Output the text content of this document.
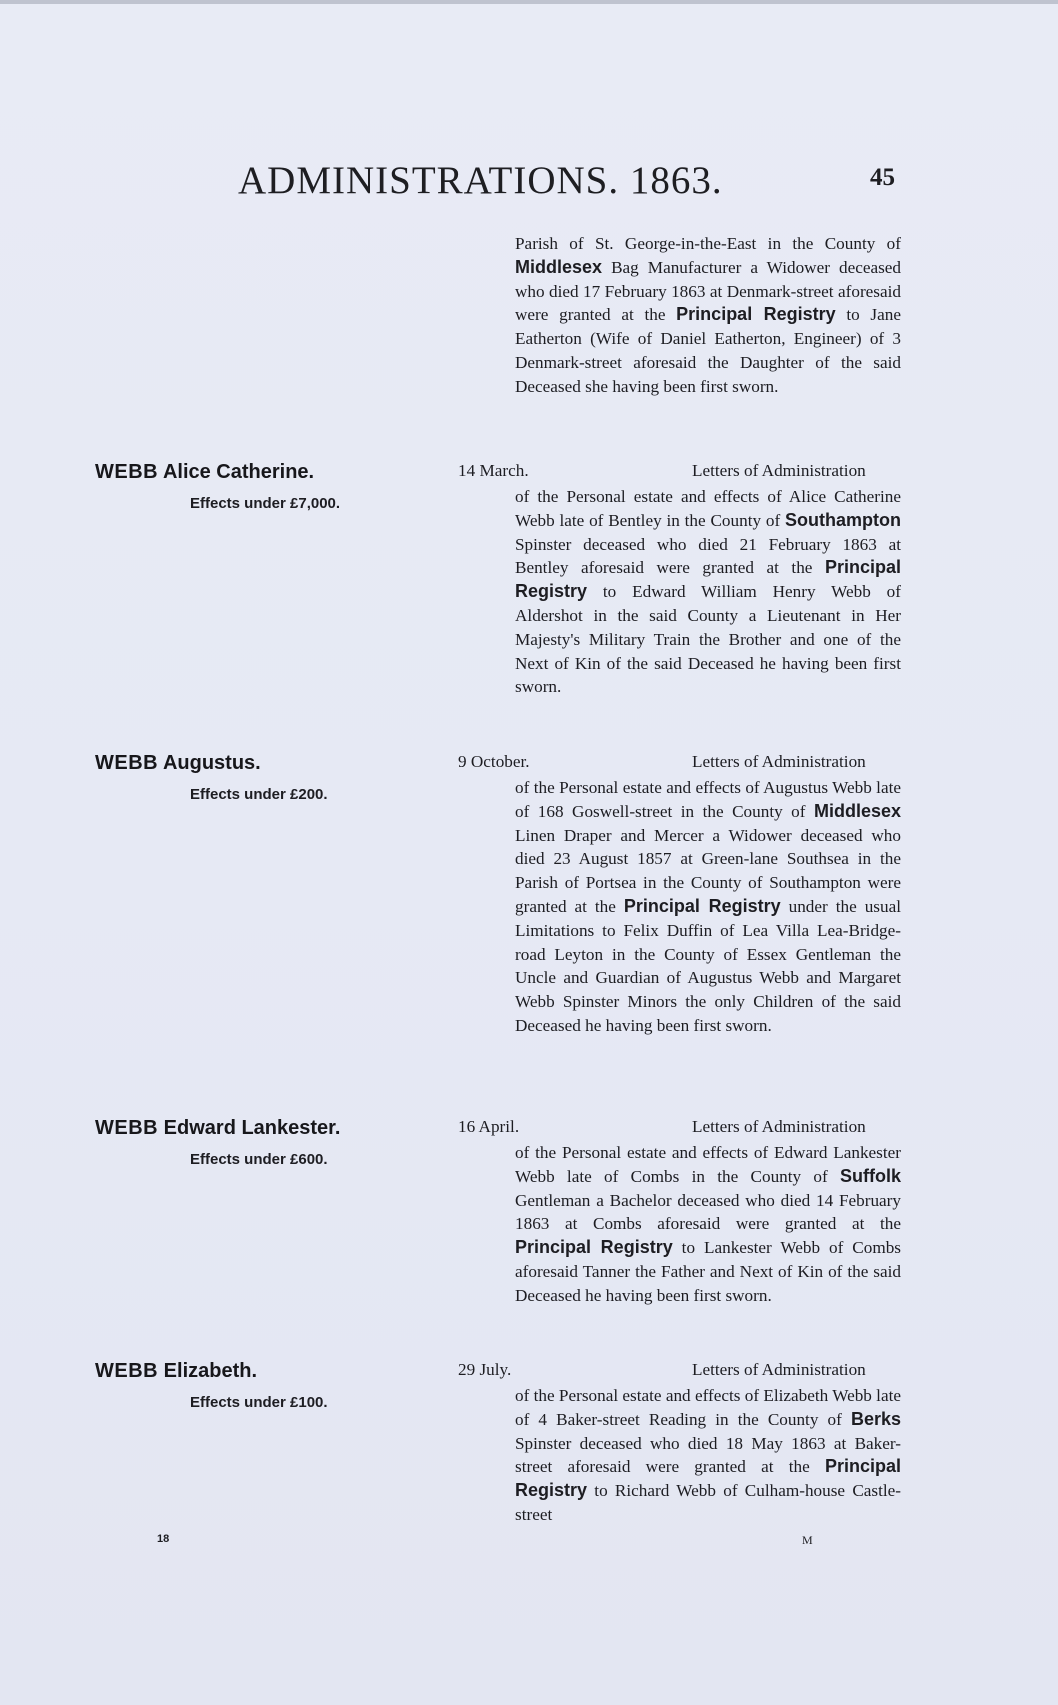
ADMINISTRATIONS. 1863.	45
Parish of St. George-in-the-East in the County of Middlesex Bag Manufacturer a Widower deceased who died 17 February 1863 at Denmark-street aforesaid were granted at the Principal Registry to Jane Eatherton (Wife of Daniel Eatherton, Engineer) of 3 Denmark-street aforesaid the Daughter of the said Deceased she having been first sworn.
WEBB Alice Catherine.
Effects under £7,000.
14 March.	Letters of Administration
of the Personal estate and effects of Alice Catherine Webb late of Bentley in the County of Southampton Spinster deceased who died 21 February 1863 at Bentley aforesaid were granted at the Principal Registry to Edward William Henry Webb of Aldershot in the said County a Lieutenant in Her Majesty's Military Train the Brother and one of the Next of Kin of the said Deceased he having been first sworn.
WEBB Augustus.
Effects under £200.
9 October.	Letters of Administration
of the Personal estate and effects of Augustus Webb late of 168 Goswell-street in the County of Middlesex Linen Draper and Mercer a Widower deceased who died 23 August 1857 at Green-lane Southsea in the Parish of Portsea in the County of Southampton were granted at the Principal Registry under the usual Limitations to Felix Duffin of Lea Villa Lea-Bridge-road Leyton in the County of Essex Gentleman the Uncle and Guardian of Augustus Webb and Margaret Webb Spinster Minors the only Children of the said Deceased he having been first sworn.
WEBB Edward Lankester.
Effects under £600.
16 April.	Letters of Administration
of the Personal estate and effects of Edward Lankester Webb late of Combs in the County of Suffolk Gentleman a Bachelor deceased who died 14 February 1863 at Combs aforesaid were granted at the Principal Registry to Lankester Webb of Combs aforesaid Tanner the Father and Next of Kin of the said Deceased he having been first sworn.
WEBB Elizabeth.
Effects under £100.
29 July.	Letters of Administration
of the Personal estate and effects of Elizabeth Webb late of 4 Baker-street Reading in the County of Berks Spinster deceased who died 18 May 1863 at Baker-street aforesaid were granted at the Principal Registry to Richard Webb of Culham-house Castle-street
18	M
